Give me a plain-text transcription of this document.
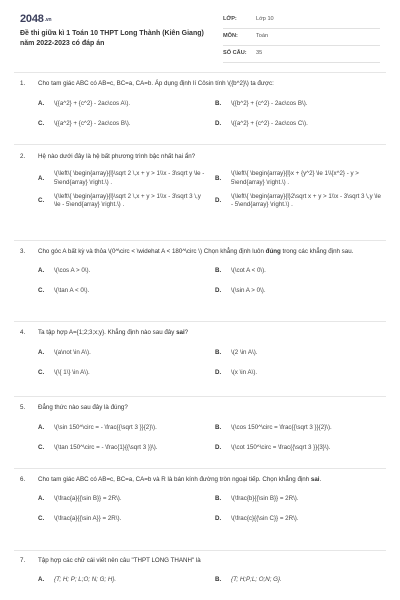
2048.vn
Đề thi giữa kì 1 Toán 10 THPT Long Thành (Kiên Giang) năm 2022-2023 có đáp án
LỚP:	Lớp 10
MÔN:	Toán
SỐ CÂU:	35
1.	Cho tam giác ABC có AB=c, BC=a, CA=b. Áp dụng định lí Côsin tính \({b^2}\) ta được:
A.	\({a^2} + {c^2} - 2ac\cos A\).	B.	\({b^2} + {c^2} - 2ac\cos B\).
C.	\({a^2} + {c^2} - 2ac\cos B\).	D.	\({a^2} + {c^2} - 2ac\cos C\).
2.	Hệ nào dưới đây là hệ bất phương trình bậc nhất hai ẩn?
A.
\(\left\{ \begin{array}{l}\sqrt 2 \,x + y > 1\\x - 3\sqrt y \le - 5\end{array} \right.\) .
B.
\(\left\{ \begin{array}{l}x + {y^2} \le 1\\{x^2} - y > 5\end{array} \right.\) .
C.
\(\left\{ \begin{array}{l}\sqrt 2 \,x + y > 1\\x - 3\sqrt 3 \,y \le - 5\end{array} \right.\) .
D.
\(\left\{ \begin{array}{l}2\sqrt x + y > 1\\x - 3\sqrt 3 \,y \le - 5\end{array} \right.\) .
3.	Cho góc A bất kỳ và thỏa \(0^\circ < \widehat A < 180^\circ \) Chọn khẳng định luôn đúng trong các khẳng định sau.
A.	\(\cos A > 0\).	B.	\(\cot A < 0\).
C.	\(\tan A < 0\).	D.	\(\sin A > 0\).
4.	Ta tập hợp A={1;2;3;x;y}. Khẳng định nào sau đây sai?
A.	\(a\not \in A\).	B.	\(2 \in A\).
C.	\(\{ 1\} \in A\).	D.	\(x \in A\).
5.	Đẳng thức nào sau đây là đúng?
A.	\(\sin 150^\circ = - \frac{{\sqrt 3 }}{2}\).	B.	\(\cos 150^\circ = \frac{{\sqrt 3 }}{2}\).
C.	\(\tan 150^\circ = - \frac{1}{{\sqrt 3 }}\).	D.	\(\cot 150^\circ = \frac{{\sqrt 3 }}{3}\).
6.	Cho tam giác ABC có AB=c, BC=a, CA=b và R là bán kính đường tròn ngoại tiếp. Chọn khẳng định sai.
A.	\(\frac{a}{{\sin B}} = 2R\).	B.	\(\frac{b}{{\sin B}} = 2R\).
C.	\(\frac{a}{{\sin A}} = 2R\).	D.	\(\frac{c}{{\sin C}} = 2R\).
7.	Tập hợp các chữ cái viết nên câu "THPT LONG THANH" là
A.	{T; H; P; L;O; N; G; H}.	B.	{T; H;P;L; O;N; G}.
